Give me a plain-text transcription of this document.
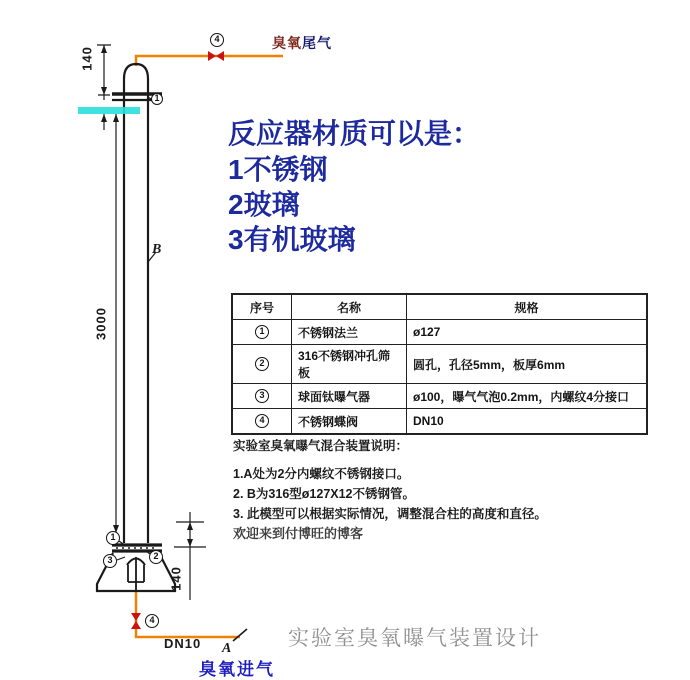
4
1
1
2
3
4
140
3000
140
B
A
臭氧尾气
DN10
臭氧进气
反应器材质可以是：
1不锈钢
2玻璃
3有机玻璃
序号	名称	规格
1	不锈钢法兰	ø127
2	316不锈钢冲孔筛板	圆孔，孔径5mm，板厚6mm
3	球面钛曝气器	ø100，曝气气泡0.2mm，内螺纹4分接口
4	不锈钢蝶阀	DN10
实验室臭氧曝气混合装置说明：
1.A处为2分内螺纹不锈钢接口。
2. B为316型ø127X12不锈钢管。
3. 此模型可以根据实际情况，调整混合柱的高度和直径。
欢迎来到付博旺的博客
实验室臭氧曝气装置设计
